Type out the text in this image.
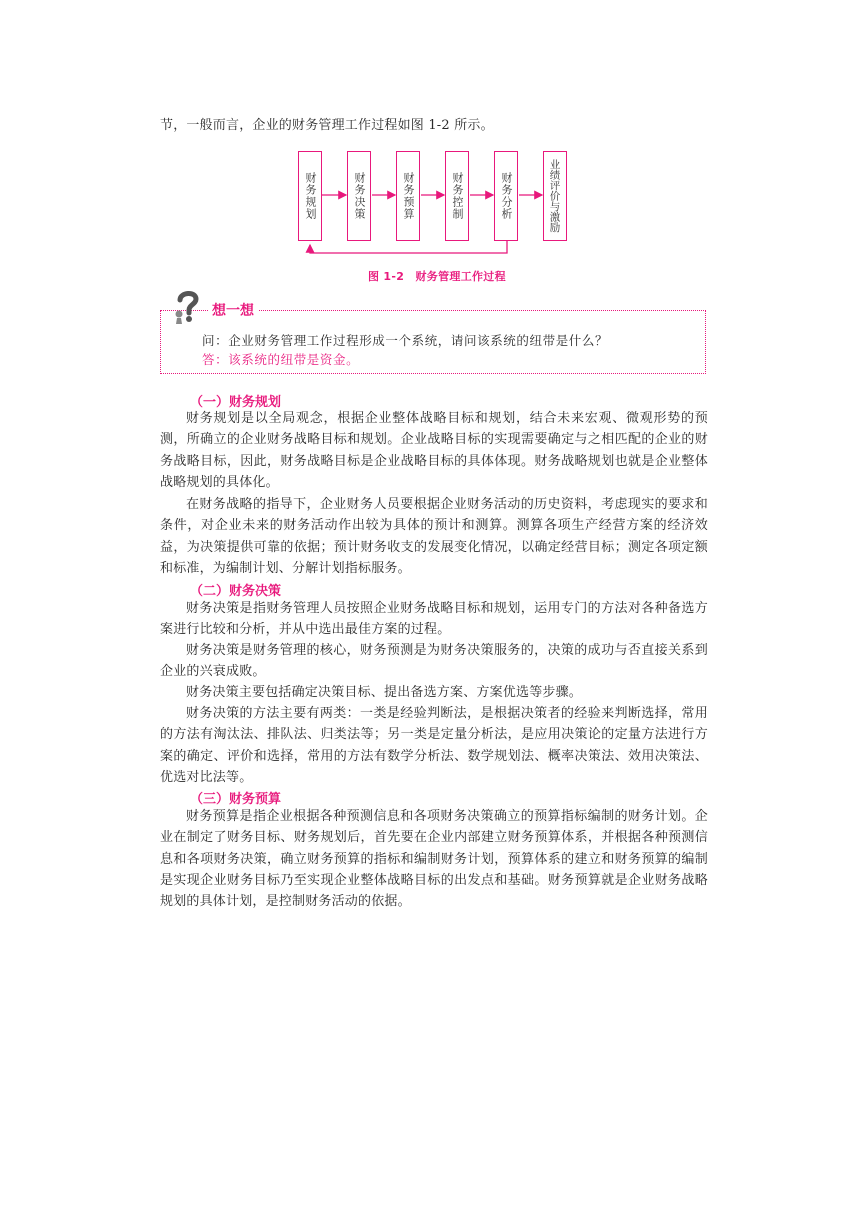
节，一般而言，企业的财务管理工作过程如图 1-2 所示。
财务规划	财务决策	财务预算	财务控制	财务分析	业绩评价与激励
图 1-2　财务管理工作过程
想一想
问：企业财务管理工作过程形成一个系统，请问该系统的纽带是什么？
答：该系统的纽带是资金。
（一）财务规划
财务规划是以全局观念，根据企业整体战略目标和规划，结合未来宏观、微观形势的预测，所确立的企业财务战略目标和规划。企业战略目标的实现需要确定与之相匹配的企业的财务战略目标，因此，财务战略目标是企业战略目标的具体体现。财务战略规划也就是企业整体战略规划的具体化。
在财务战略的指导下，企业财务人员要根据企业财务活动的历史资料，考虑现实的要求和条件，对企业未来的财务活动作出较为具体的预计和测算。测算各项生产经营方案的经济效益，为决策提供可靠的依据；预计财务收支的发展变化情况，以确定经营目标；测定各项定额和标准，为编制计划、分解计划指标服务。
（二）财务决策
财务决策是指财务管理人员按照企业财务战略目标和规划，运用专门的方法对各种备选方案进行比较和分析，并从中选出最佳方案的过程。
财务决策是财务管理的核心，财务预测是为财务决策服务的，决策的成功与否直接关系到企业的兴衰成败。
财务决策主要包括确定决策目标、提出备选方案、方案优选等步骤。
财务决策的方法主要有两类：一类是经验判断法，是根据决策者的经验来判断选择，常用的方法有淘汰法、排队法、归类法等；另一类是定量分析法，是应用决策论的定量方法进行方案的确定、评价和选择，常用的方法有数学分析法、数学规划法、概率决策法、效用决策法、优选对比法等。
（三）财务预算
财务预算是指企业根据各种预测信息和各项财务决策确立的预算指标编制的财务计划。企业在制定了财务目标、财务规划后，首先要在企业内部建立财务预算体系，并根据各种预测信息和各项财务决策，确立财务预算的指标和编制财务计划，预算体系的建立和财务预算的编制是实现企业财务目标乃至实现企业整体战略目标的出发点和基础。财务预算就是企业财务战略规划的具体计划，是控制财务活动的依据。
